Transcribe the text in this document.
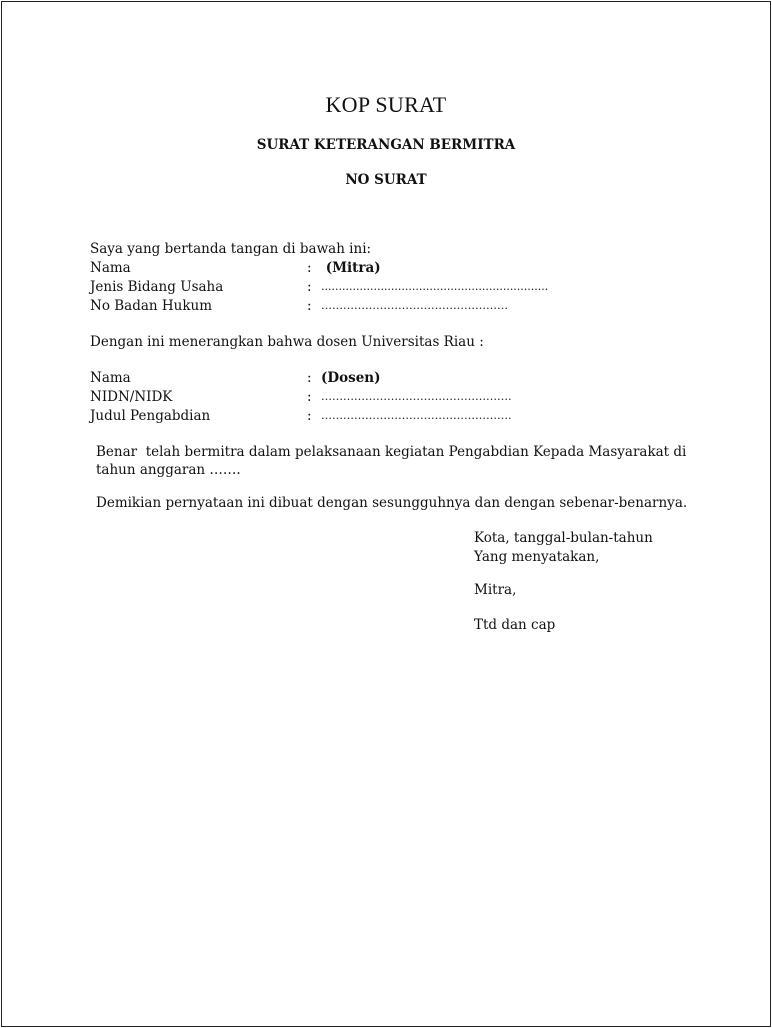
KOP SURAT
SURAT KETERANGAN BERMITRA
NO SURAT
Saya yang bertanda tangan di bawah ini:
Nama	: (Mitra)
Jenis Bidang Usaha	: .................................................................
No Badan Hukum	: ……………………………………………
Dengan ini menerangkan bahwa dosen Universitas Riau :
Nama	: (Dosen)
NIDN/NIDK	: …………………………………………….
Judul Pengabdian	: …………………………………………….
Benar  telah bermitra dalam pelaksanaan kegiatan Pengabdian Kepada Masyarakat di
tahun anggaran …….
Demikian pernyataan ini dibuat dengan sesungguhnya dan dengan sebenar-benarnya.
Kota, tanggal-bulan-tahun
Yang menyatakan,
Mitra,
Ttd dan cap
